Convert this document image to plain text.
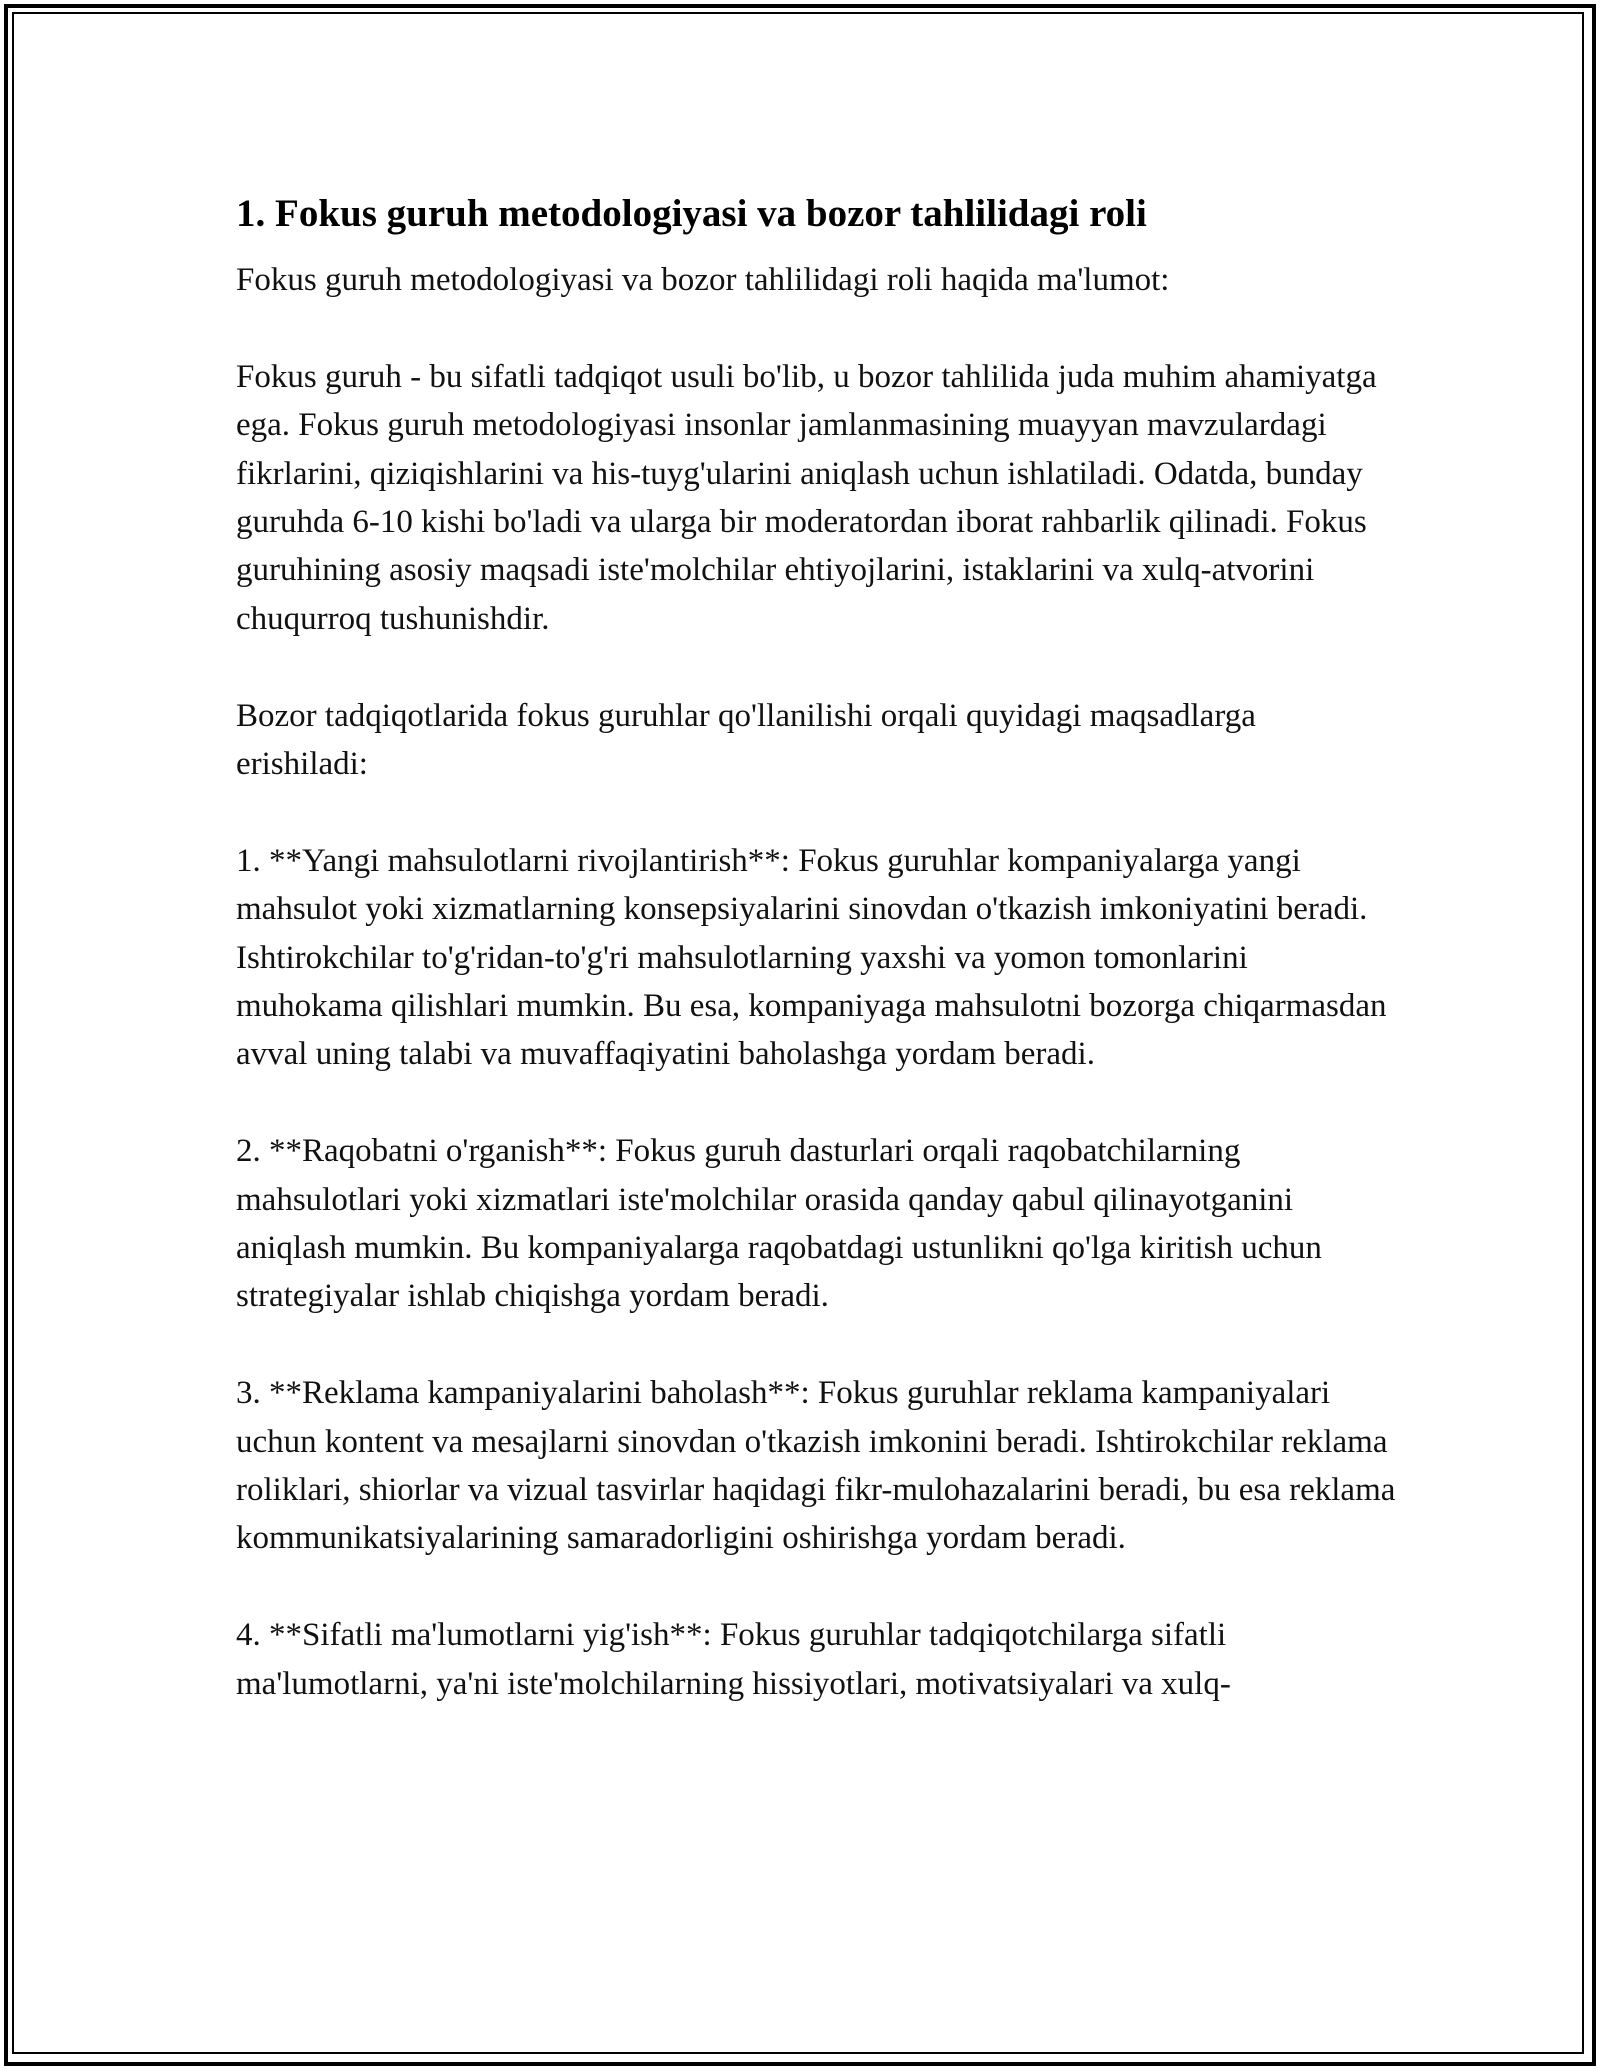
1. Fokus guruh metodologiyasi va bozor tahlilidagi roli

Fokus guruh metodologiyasi va bozor tahlilidagi roli haqida ma'lumot:

Fokus guruh - bu sifatli tadqiqot usuli bo'lib, u bozor tahlilida juda muhim ahamiyatga ega. Fokus guruh metodologiyasi insonlar jamlanmasining muayyan mavzulardagi fikrlarini, qiziqishlarini va his-tuyg'ularini aniqlash uchun ishlatiladi. Odatda, bunday guruhda 6-10 kishi bo'ladi va ularga bir moderatordan iborat rahbarlik qilinadi. Fokus guruhining asosiy maqsadi iste'molchilar ehtiyojlarini, istaklarini va xulq-atvorini chuqurroq tushunishdir.

Bozor tadqiqotlarida fokus guruhlar qo'llanilishi orqali quyidagi maqsadlarga erishiladi:

1. **Yangi mahsulotlarni rivojlantirish**: Fokus guruhlar kompaniyalarga yangi mahsulot yoki xizmatlarning konsepsiyalarini sinovdan o'tkazish imkoniyatini beradi. Ishtirokchilar to'g'ridan-to'g'ri mahsulotlarning yaxshi va yomon tomonlarini muhokama qilishlari mumkin. Bu esa, kompaniyaga mahsulotni bozorga chiqarmasdan avval uning talabi va muvaffaqiyatini baholashga yordam beradi.

2. **Raqobatni o'rganish**: Fokus guruh dasturlari orqali raqobatchilarning mahsulotlari yoki xizmatlari iste'molchilar orasida qanday qabul qilinayotganini aniqlash mumkin. Bu kompaniyalarga raqobatdagi ustunlikni qo'lga kiritish uchun strategiyalar ishlab chiqishga yordam beradi.

3. **Reklama kampaniyalarini baholash**: Fokus guruhlar reklama kampaniyalari uchun kontent va mesajlarni sinovdan o'tkazish imkonini beradi. Ishtirokchilar reklama roliklari, shiorlar va vizual tasvirlar haqidagi fikr-mulohazalarini beradi, bu esa reklama kommunikatsiyalarining samaradorligini oshirishga yordam beradi.

4. **Sifatli ma'lumotlarni yig'ish**: Fokus guruhlar tadqiqotchilarga sifatli ma'lumotlarni, ya'ni iste'molchilarning hissiyotlari, motivatsiyalari va xulq-
